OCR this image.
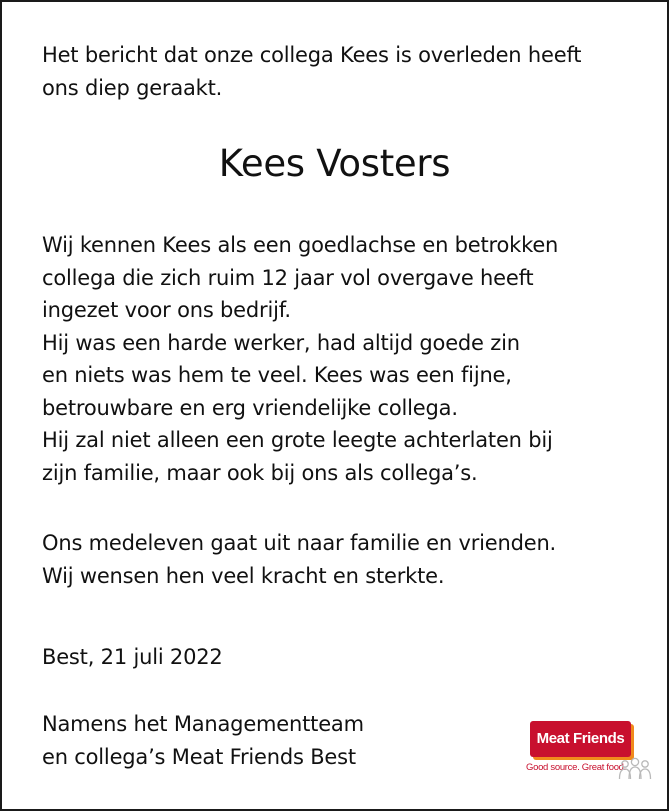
Het bericht dat onze collega Kees is overleden heeft
ons diep geraakt.
Kees Vosters
Wij kennen Kees als een goedlachse en betrokken
collega die zich ruim 12 jaar vol overgave heeft
ingezet voor ons bedrijf.
Hij was een harde werker, had altijd goede zin
en niets was hem te veel. Kees was een fijne,
betrouwbare en erg vriendelijke collega.
Hij zal niet alleen een grote leegte achterlaten bij
zijn familie, maar ook bij ons als collega’s.
Ons medeleven gaat uit naar familie en vrienden.
Wij wensen hen veel kracht en sterkte.
Best, 21 juli 2022
Namens het Managementteam
en collega’s Meat Friends Best
Meat Friends
Good source. Great food.
